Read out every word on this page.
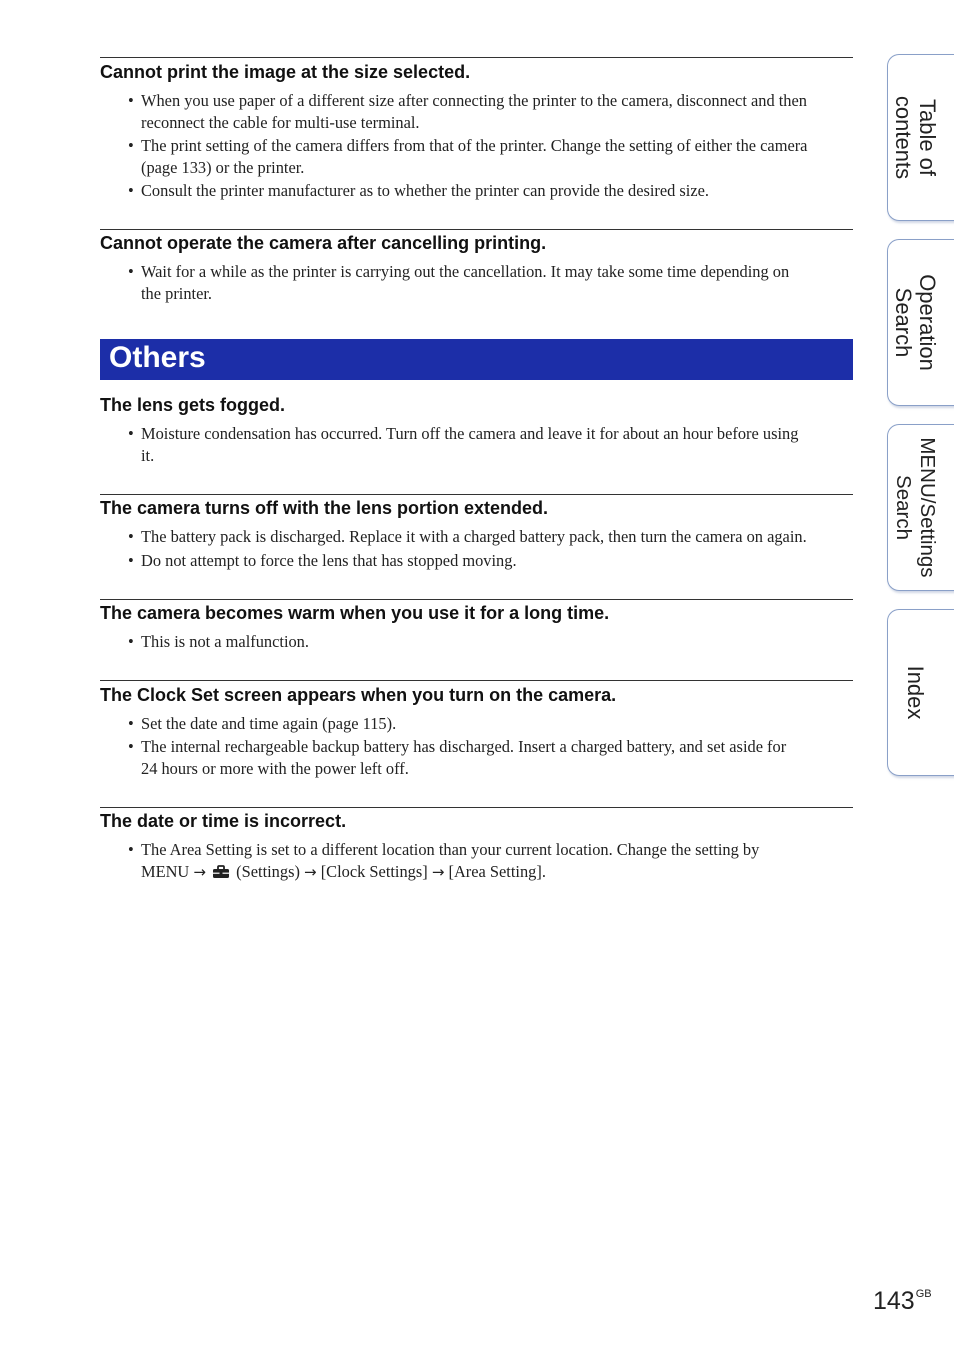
Cannot print the image at the size selected.
• When you use paper of a different size after connecting the printer to the camera, disconnect and then
reconnect the cable for multi-use terminal.
• The print setting of the camera differs from that of the printer. Change the setting of either the camera
(page 133) or the printer.
• Consult the printer manufacturer as to whether the printer can provide the desired size.
Cannot operate the camera after cancelling printing.
• Wait for a while as the printer is carrying out the cancellation. It may take some time depending on
the printer.
Others
The lens gets fogged.
• Moisture condensation has occurred. Turn off the camera and leave it for about an hour before using
it.
The camera turns off with the lens portion extended.
• The battery pack is discharged. Replace it with a charged battery pack, then turn the camera on again.
• Do not attempt to force the lens that has stopped moving.
The camera becomes warm when you use it for a long time.
• This is not a malfunction.
The Clock Set screen appears when you turn on the camera.
• Set the date and time again (page 115).
• The internal rechargeable backup battery has discharged. Insert a charged battery, and set aside for
24 hours or more with the power left off.
The date or time is incorrect.
• The Area Setting is set to a different location than your current location. Change the setting by
MENU → (Settings) → [Clock Settings] → [Area Setting].
Table of
contents
Operation
Search
MENU/Settings
Search
Index
$143^{GB}$
